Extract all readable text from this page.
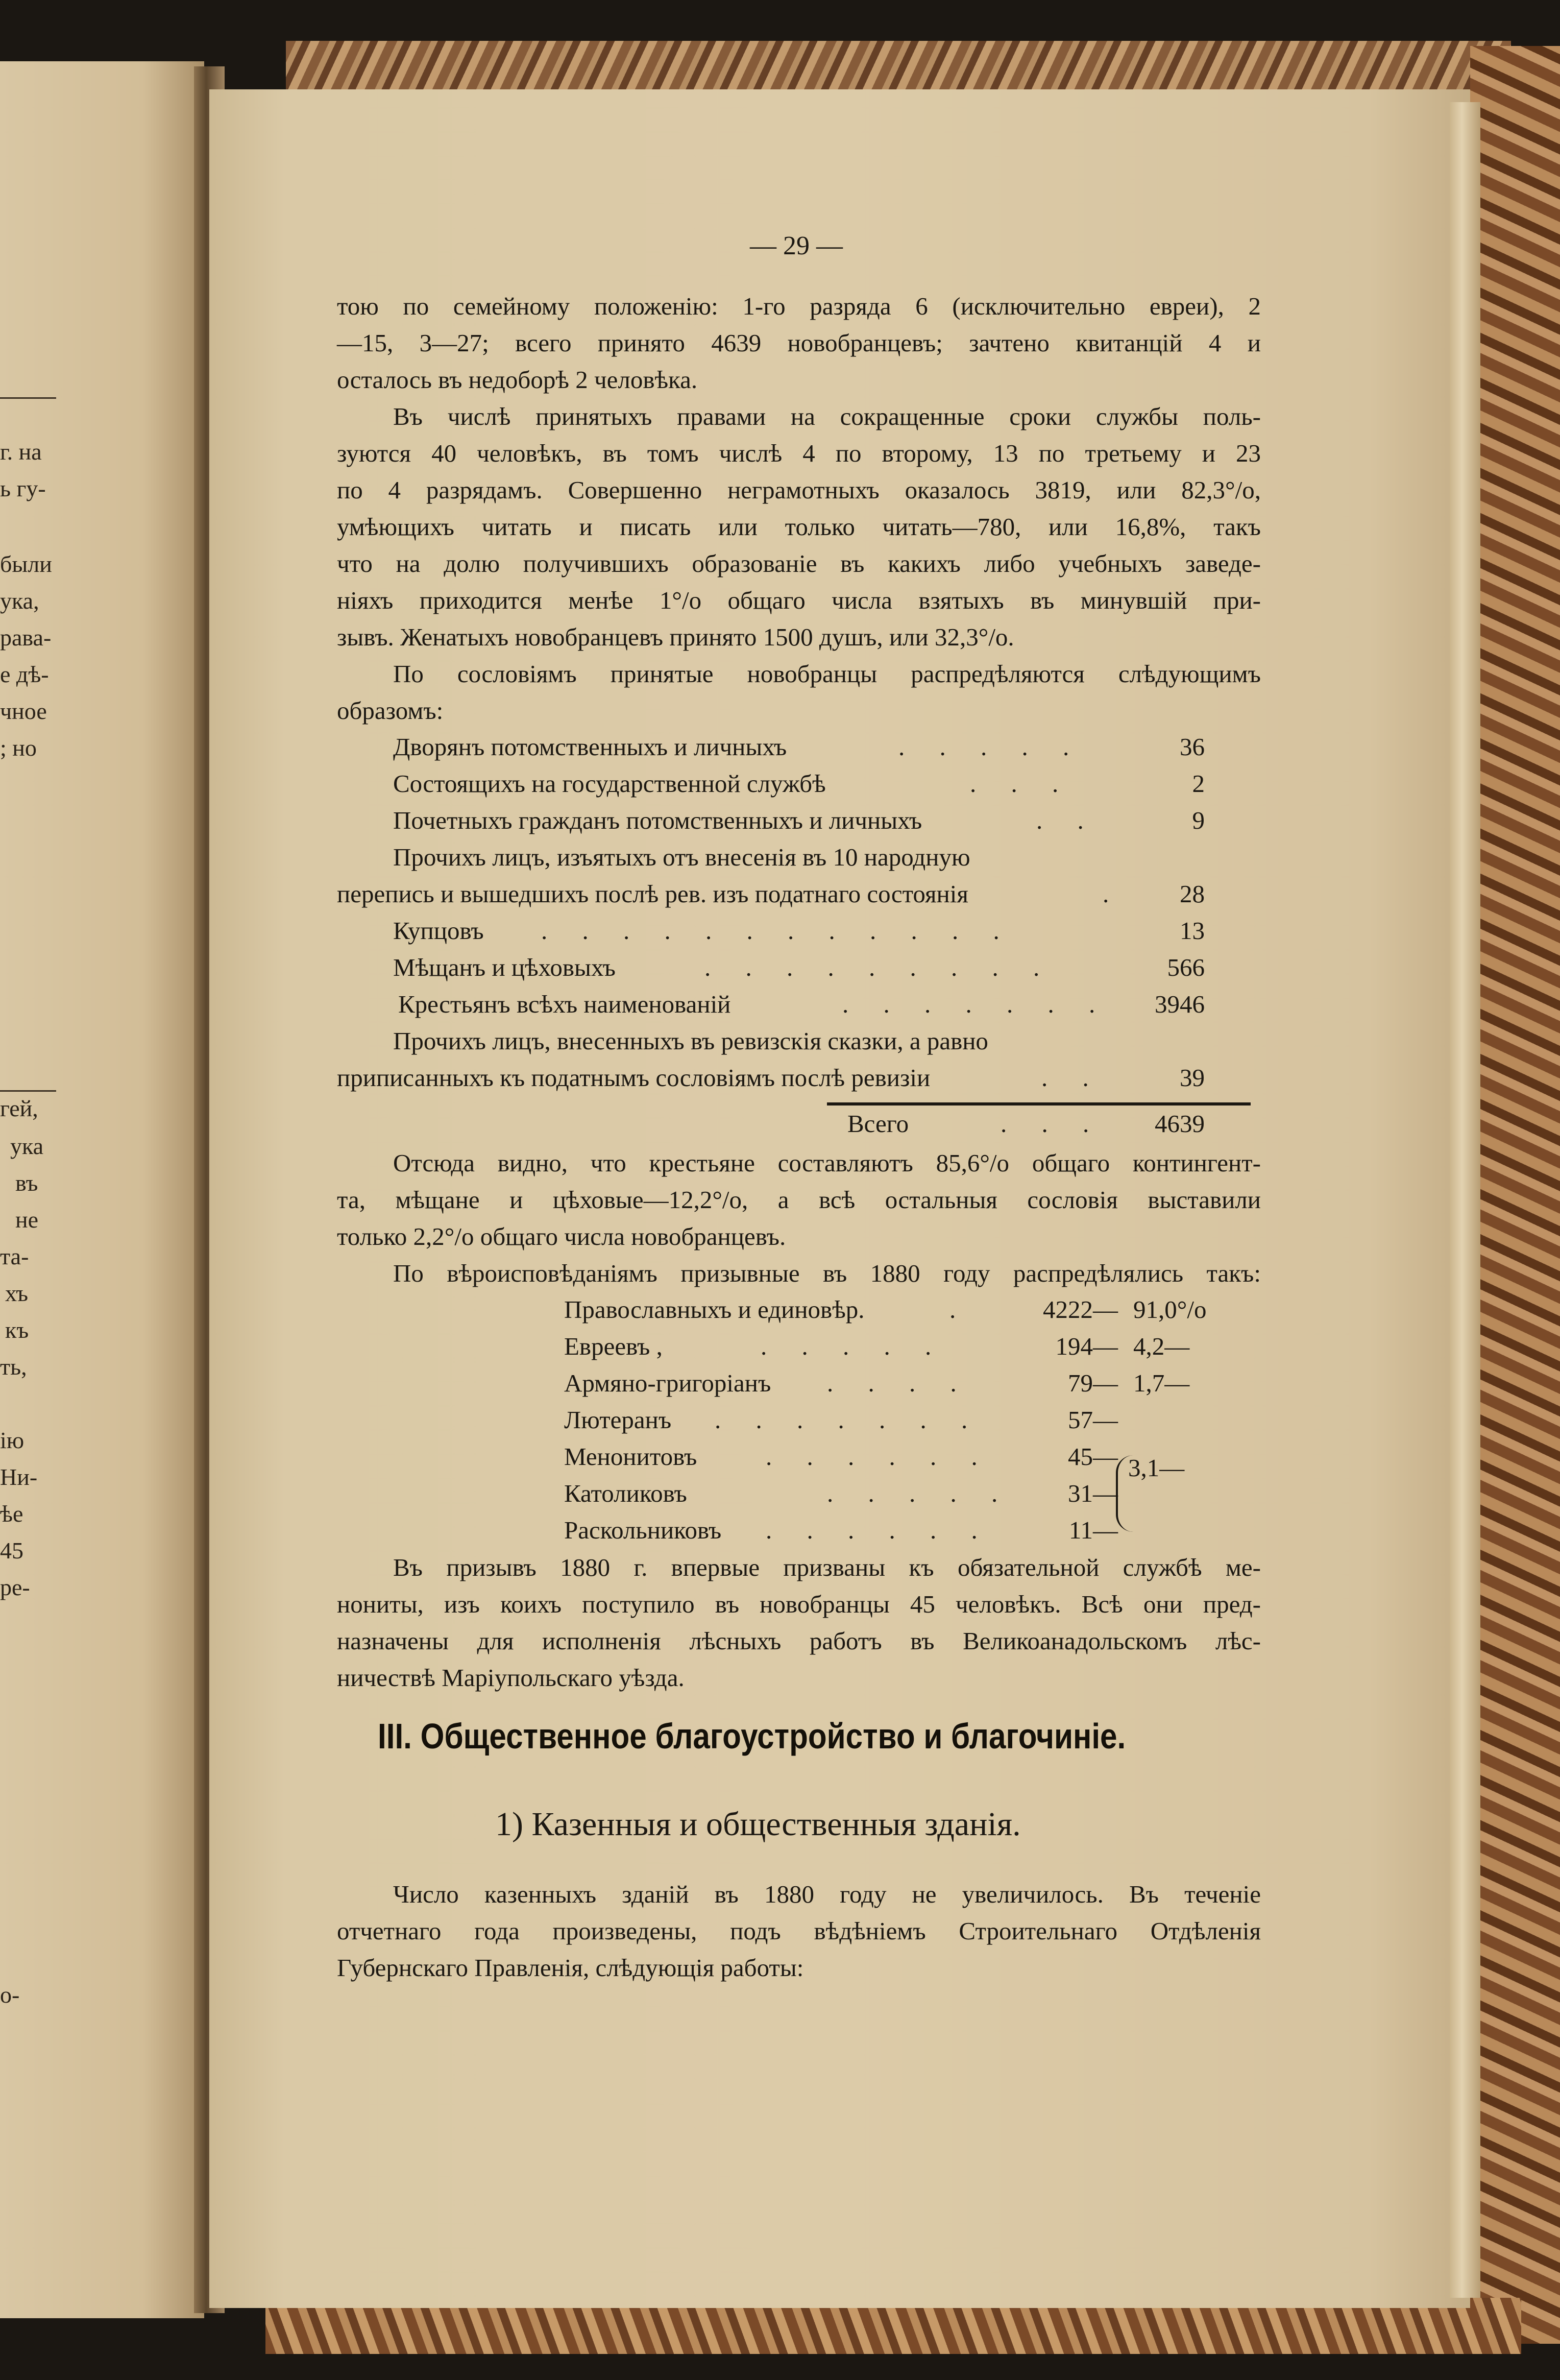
г. на
ь гу-
были
ука,
рава-
е дѣ-
чное
; но
гей,
ука
въ
не
та-
хъ
къ
ть,
iю
Ни-
ѣе
45
ре-
о-
— 29 —
тою по семейному положенiю: 1-го разряда 6 (исключительно евреи), 2
—15, 3—27; всего принято 4639 новобранцевъ; зачтено квитанцiй 4 и
осталось въ недоборѣ 2 человѣка.
Въ числѣ принятыхъ правами на сокращенные сроки службы поль-
зуются 40 человѣкъ, въ томъ числѣ 4 по второму, 13 по третьему и 23
по 4 разрядамъ. Совершенно неграмотныхъ оказалось 3819, или 82,3°/o,
умѣющихъ читать и писать или только читать—780, или 16,8%, такъ
что на долю получившихъ образованiе въ какихъ либо учебныхъ заведе-
нiяхъ приходится менѣе 1°/o общаго числа взятыхъ въ минувшiй при-
зывъ. Женатыхъ новобранцевъ принято 1500 душъ, или 32,3°/o.
По сословiямъ принятые новобранцы распредѣляются слѣдующимъ
образомъ:
Дворянъ потомственныхъ и личныхъ	. . . . .	36
Состоящихъ на государственной службѣ	. . .	2
Почетныхъ гражданъ потомственныхъ и личныхъ	. .	9
Прочихъ лицъ, изъятыхъ отъ внесенiя въ 10 народную
перепись и вышедшихъ послѣ рев. изъ податнаго состоянiя	.	28
Купцовъ . . . . . . . . . . . .	13
Мѣщанъ и цѣховыхъ	. . . . . . . . .	566
Крестьянъ всѣхъ наименованiй	. . . . . . .	3946
Прочихъ лицъ, внесенныхъ въ ревизскiя сказки, а равно
приписанныхъ къ податнымъ сословiямъ послѣ ревизiи	. .	39
Всего	. . .	4639
Отсюда видно, что крестьяне составляютъ 85,6°/o общаго контингент-
та, мѣщане и цѣховые—12,2°/o, а всѣ остальныя сословiя выставили
только 2,2°/o общаго числа новобранцевъ.
По вѣроисповѣданiямъ призывные въ 1880 году распредѣлялись такъ:
Православныхъ и единовѣр.	.	4222— 91,0°/o
Евреевъ ,	. . . . .	194— 4,2—
Армяно-григорiанъ . . . .	79— 1,7—
Лютеранъ . . . . . . .	57—
Менонитовъ	. . . . . .	45— 3,1—
Католиковъ	. . . . .	31—
Раскольниковъ . . . . . .	11—
Въ призывъ 1880 г. впервые призваны къ обязательной службѣ ме-
нониты, изъ коихъ поступило въ новобранцы 45 человѣкъ. Всѣ они пред-
назначены для исполненiя лѣсныхъ работъ въ Великоанадольскомъ лѣс-
ничествѣ Марiупольскаго уѣзда.
III. Общественное благоустройство и благочинiе.
1) Казенныя и общественныя зданiя.
Число казенныхъ зданiй въ 1880 году не увеличилось. Въ теченiе
отчетнаго года произведены, подъ вѣдѣнiемъ Строительнаго Отдѣленiя
Губернскаго Правленiя, слѣдующiя работы:
